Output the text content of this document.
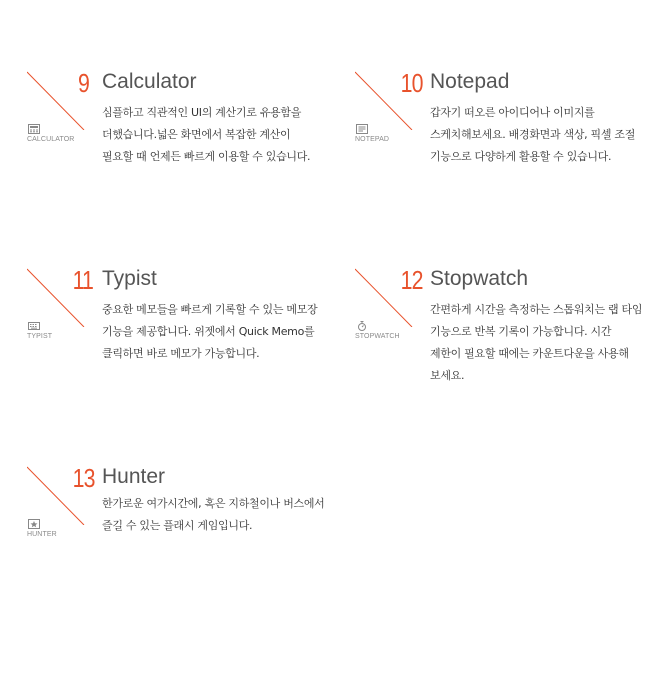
9 Calculator
CALCULATOR

심플하고 직관적인 UI의 계산기로 유용함을

더했습니다.넓은 화면에서 복잡한 계산이

필요할 때 언제든 빠르게 이용할 수 있습니다.

10 Notepad
NOTEPAD

갑자기 떠오른 아이디어나 이미지를

스케치해보세요. 배경화면과 색상, 픽셀 조절

기능으로 다양하게 활용할 수 있습니다.

11 Typist
TYPIST

중요한 메모들을 빠르게 기록할 수 있는 메모장

기능을 제공합니다. 위젯에서 Quick Memo를

클릭하면 바로 메모가 가능합니다.

12 Stopwatch
STOPWATCH

간편하게 시간을 측정하는 스톱워치는 랩 타임

기능으로 반복 기록이 가능합니다. 시간

제한이 필요할 때에는 카운트다운을 사용해

보세요.

13 Hunter
HUNTER

한가로운 여가시간에, 혹은 지하철이나 버스에서

즐길 수 있는 플래시 게임입니다.
